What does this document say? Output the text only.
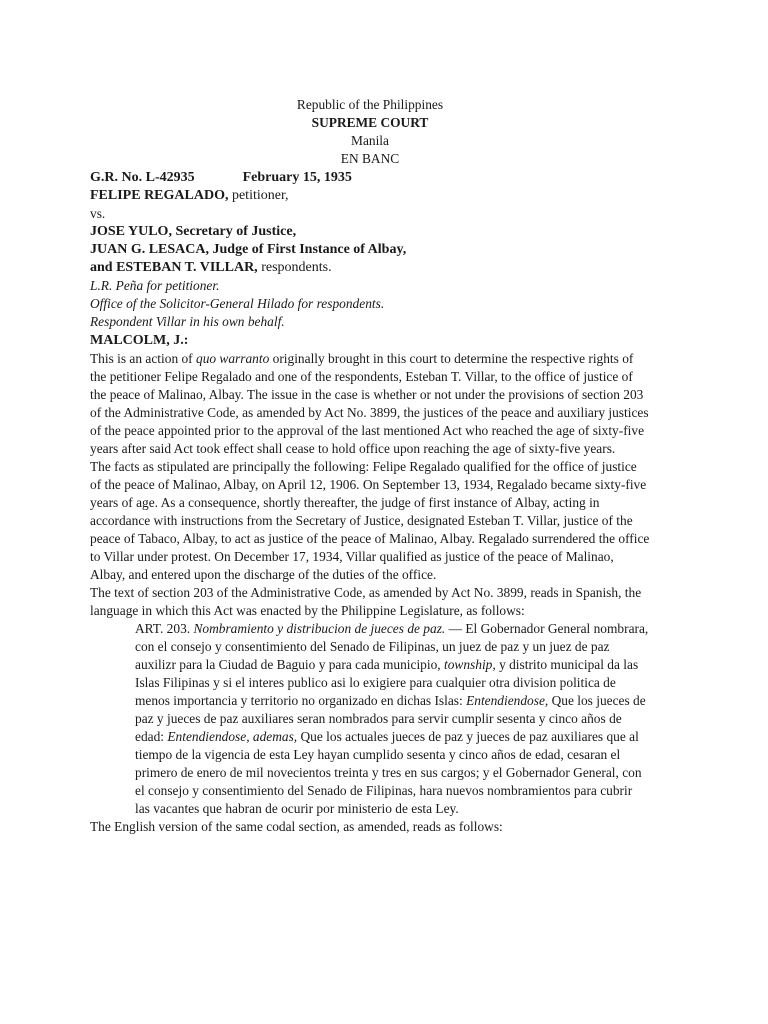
Republic of the Philippines
SUPREME COURT
Manila
EN BANC
G.R. No. L-42935	February 15, 1935
FELIPE REGALADO, petitioner,
vs.
JOSE YULO, Secretary of Justice,
JUAN G. LESACA, Judge of First Instance of Albay,
and ESTEBAN T. VILLAR, respondents.
L.R. Peña for petitioner.
Office of the Solicitor-General Hilado for respondents.
Respondent Villar in his own behalf.
MALCOLM, J.:

This is an action of quo warranto originally brought in this court to determine the respective rights of the petitioner Felipe Regalado and one of the respondents, Esteban T. Villar, to the office of justice of the peace of Malinao, Albay. The issue in the case is whether or not under the provisions of section 203 of the Administrative Code, as amended by Act No. 3899, the justices of the peace and auxiliary justices of the peace appointed prior to the approval of the last mentioned Act who reached the age of sixty-five years after said Act took effect shall cease to hold office upon reaching the age of sixty-five years.

The facts as stipulated are principally the following: Felipe Regalado qualified for the office of justice of the peace of Malinao, Albay, on April 12, 1906. On September 13, 1934, Regalado became sixty-five years of age. As a consequence, shortly thereafter, the judge of first instance of Albay, acting in accordance with instructions from the Secretary of Justice, designated Esteban T. Villar, justice of the peace of Tabaco, Albay, to act as justice of the peace of Malinao, Albay. Regalado surrendered the office to Villar under protest. On December 17, 1934, Villar qualified as justice of the peace of Malinao, Albay, and entered upon the discharge of the duties of the office.

The text of section 203 of the Administrative Code, as amended by Act No. 3899, reads in Spanish, the language in which this Act was enacted by the Philippine Legislature, as follows:

ART. 203. Nombramiento y distribucion de jueces de paz. — El Gobernador General nombrara, con el consejo y consentimiento del Senado de Filipinas, un juez de paz y un juez de paz auxilizr para la Ciudad de Baguio y para cada municipio, township, y distrito municipal da las Islas Filipinas y si el interes publico asi lo exigiere para cualquier otra division politica de menos importancia y territorio no organizado en dichas Islas: Entendiendose, Que los jueces de paz y jueces de paz auxiliares seran nombrados para servir cumplir sesenta y cinco años de edad: Entendiendose, ademas, Que los actuales jueces de paz y jueces de paz auxiliares que al tiempo de la vigencia de esta Ley hayan cumplido sesenta y cinco años de edad, cesaran el primero de enero de mil novecientos treinta y tres en sus cargos; y el Gobernador General, con el consejo y consentimiento del Senado de Filipinas, hara nuevos nombramientos para cubrir las vacantes que habran de ocurir por ministerio de esta Ley.

The English version of the same codal section, as amended, reads as follows:
